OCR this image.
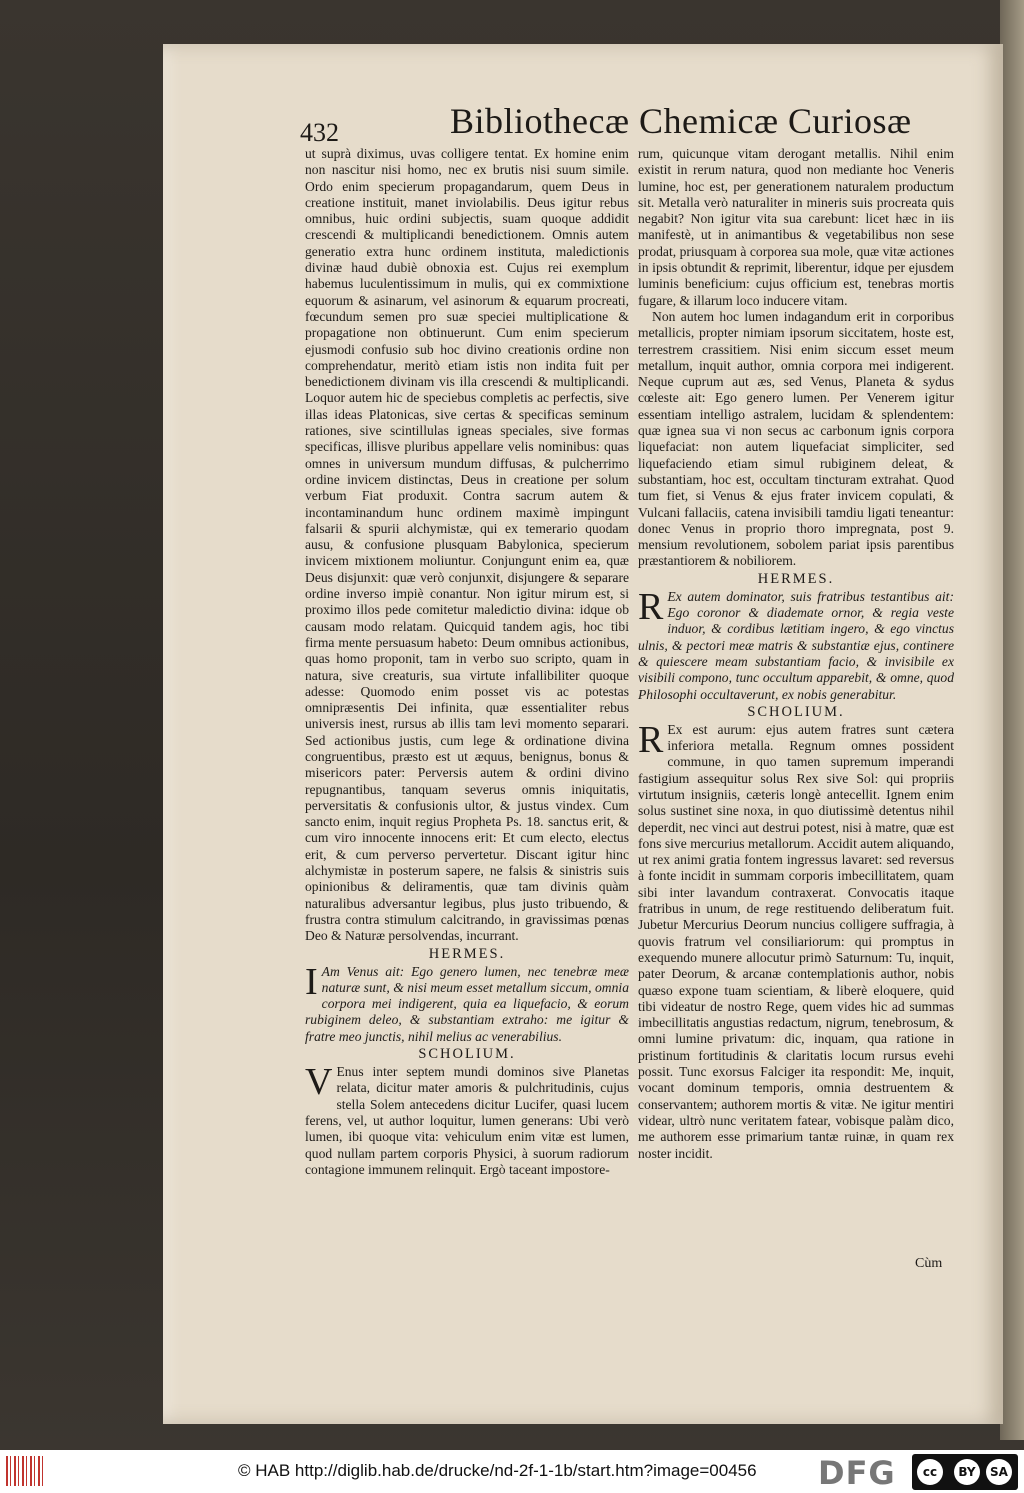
432	Bibliothecæ Chemicæ Curiosæ

ut suprà diximus, uvas colligere tentat. Ex homine enim non nascitur nisi homo, nec ex brutis nisi suum simile. Ordo enim specierum propagandarum, quem Deus in creatione instituit, manet inviolabilis. Deus igitur rebus omnibus, huic ordini subjectis, suam quoque addidit crescendi & multiplicandi benedictionem. Omnis autem generatio extra hunc ordinem instituta, maledictionis divinæ haud dubiè obnoxia est. Cujus rei exemplum habemus luculentissimum in mulis, qui ex commixtione equorum & asinarum, vel asinorum & equarum procreati, fœcundum semen pro suæ speciei multiplicatione & propagatione non obtinuerunt. Cum enim specierum ejusmodi confusio sub hoc divino creationis ordine non comprehendatur, meritò etiam istis non indita fuit per benedictionem divinam vis illa crescendi & multiplicandi. Loquor autem hic de speciebus completis ac perfectis, sive illas ideas Platonicas, sive certas & specificas seminum rationes, sive scintillulas igneas speciales, sive formas specificas, illisve pluribus appellare velis nominibus: quas omnes in universum mundum diffusas, & pulcherrimo ordine invicem distinctas, Deus in creatione per solum verbum Fiat produxit. Contra sacrum autem & incontaminandum hunc ordinem maximè impingunt falsarii & spurii alchymistæ, qui ex temerario quodam ausu, & confusione plusquam Babylonica, specierum invicem mixtionem moliuntur. Conjungunt enim ea, quæ Deus disjunxit: quæ verò conjunxit, disjungere & separare ordine inverso impiè conantur. Non igitur mirum est, si proximo illos pede comitetur maledictio divina: idque ob causam modo relatam. Quicquid tandem agis, hoc tibi firma mente persuasum habeto: Deum omnibus actionibus, quas homo proponit, tam in verbo suo scripto, quam in natura, sive creaturis, sua virtute infallibiliter quoque adesse: Quomodo enim posset vis ac potestas omnipræsentis Dei infinita, quæ essentialiter rebus universis inest, rursus ab illis tam levi momento separari. Sed actionibus justis, cum lege & ordinatione divina congruentibus, præsto est ut æquus, benignus, bonus & misericors pater: Perversis autem & ordini divino repugnantibus, tanquam severus omnis iniquitatis, perversitatis & confusionis ultor, & justus vindex. Cum sancto enim, inquit regius Propheta Ps. 18. sanctus erit, & cum viro innocente innocens erit: Et cum electo, electus erit, & cum perverso pervertetur. Discant igitur hinc alchymistæ in posterum sapere, ne falsis & sinistris suis opinionibus & deliramentis, quæ tam divinis quàm naturalibus adversantur legibus, plus justo tribuendo, & frustra contra stimulum calcitrando, in gravissimas pœnas Deo & Naturæ persolvendas, incurrant.

HERMES.

I Am Venus ait: Ego genero lumen, nec tenebræ meæ naturæ sunt, & nisi meum esset metallum siccum, omnia corpora mei indigerent, quia ea liquefacio, & eorum rubiginem deleo, & substantiam extraho: me igitur & fratre meo junctis, nihil melius ac venerabilius.

SCHOLIUM.

V Enus inter septem mundi dominos sive Planetas relata, dicitur mater amoris & pulchritudinis, cujus stella Solem antecedens dicitur Lucifer, quasi lucem ferens, vel, ut author loquitur, lumen generans: Ubi verò lumen, ibi quoque vita: vehiculum enim vitæ est lumen, quod nullam partem corporis Physici, à suorum radiorum contagione immunem relinquit. Ergò taceant impostore-

rum, quicunque vitam derogant metallis. Nihil enim existit in rerum natura, quod non mediante hoc Veneris lumine, hoc est, per generationem naturalem productum sit. Metalla verò naturaliter in mineris suis procreata quis negabit? Non igitur vita sua carebunt: licet hæc in iis manifestè, ut in animantibus & vegetabilibus non sese prodat, priusquam à corporea sua mole, quæ vitæ actiones in ipsis obtundit & reprimit, liberentur, idque per ejusdem luminis beneficium: cujus officium est, tenebras mortis fugare, & illarum loco inducere vitam.

Non autem hoc lumen indagandum erit in corporibus metallicis, propter nimiam ipsorum siccitatem, hoste est, terrestrem crassitiem. Nisi enim siccum esset meum metallum, inquit author, omnia corpora mei indigerent. Neque cuprum aut æs, sed Venus, Planeta & sydus cœleste ait: Ego genero lumen. Per Venerem igitur essentiam intelligo astralem, lucidam & splendentem: quæ ignea sua vi non secus ac carbonum ignis corpora liquefaciat: non autem liquefaciat simpliciter, sed liquefaciendo etiam simul rubiginem deleat, & substantiam, hoc est, occultam tincturam extrahat. Quod tum fiet, si Venus & ejus frater invicem copulati, & Vulcani fallaciis, catena invisibili tamdiu ligati teneantur: donec Venus in proprio thoro impregnata, post 9. mensium revolutionem, sobolem pariat ipsis parentibus præstantiorem & nobiliorem.

HERMES.

R Ex autem dominator, suis fratribus testantibus ait: Ego coronor & diademate ornor, & regia veste induor, & cordibus lætitiam ingero, & ego vinctus ulnis, & pectori meæ matris & substantiæ ejus, continere & quiescere meam substantiam facio, & invisibile ex visibili compono, tunc occultum apparebit, & omne, quod Philosophi occultaverunt, ex nobis generabitur.

SCHOLIUM.

R Ex est aurum: ejus autem fratres sunt cætera inferiora metalla. Regnum omnes possident commune, in quo tamen supremum imperandi fastigium assequitur solus Rex sive Sol: qui propriis virtutum insigniis, cæteris longè antecellit. Ignem enim solus sustinet sine noxa, in quo diutissimè detentus nihil deperdit, nec vinci aut destrui potest, nisi à matre, quæ est fons sive mercurius metallorum. Accidit autem aliquando, ut rex animi gratia fontem ingressus lavaret: sed reversus à fonte incidit in summam corporis imbecillitatem, quam sibi inter lavandum contraxerat. Convocatis itaque fratribus in unum, de rege restituendo deliberatum fuit. Jubetur Mercurius Deorum nuncius colligere suffragia, à quovis fratrum vel consiliariorum: qui promptus in exequendo munere allocutur primò Saturnum: Tu, inquit, pater Deorum, & arcanæ contemplationis author, nobis quæso expone tuam scientiam, & liberè eloquere, quid tibi videatur de nostro Rege, quem vides hic ad summas imbecillitatis angustias redactum, nigrum, tenebrosum, & omni lumine privatum: dic, inquam, qua ratione in pristinum fortitudinis & claritatis locum rursus evehi possit. Tunc exorsus Falciger ita respondit: Me, inquit, vocant dominum temporis, omnia destruentem & conservantem; authorem mortis & vitæ. Ne igitur mentiri videar, ultrò nunc veritatem fatear, vobisque palàm dico, me authorem esse primarium tantæ ruinæ, in quam rex noster incidit.

Cùm
© HAB http://diglib.hab.de/drucke/nd-2f-1-1b/start.htm?image=00456 DFG	cc	BY	SA
